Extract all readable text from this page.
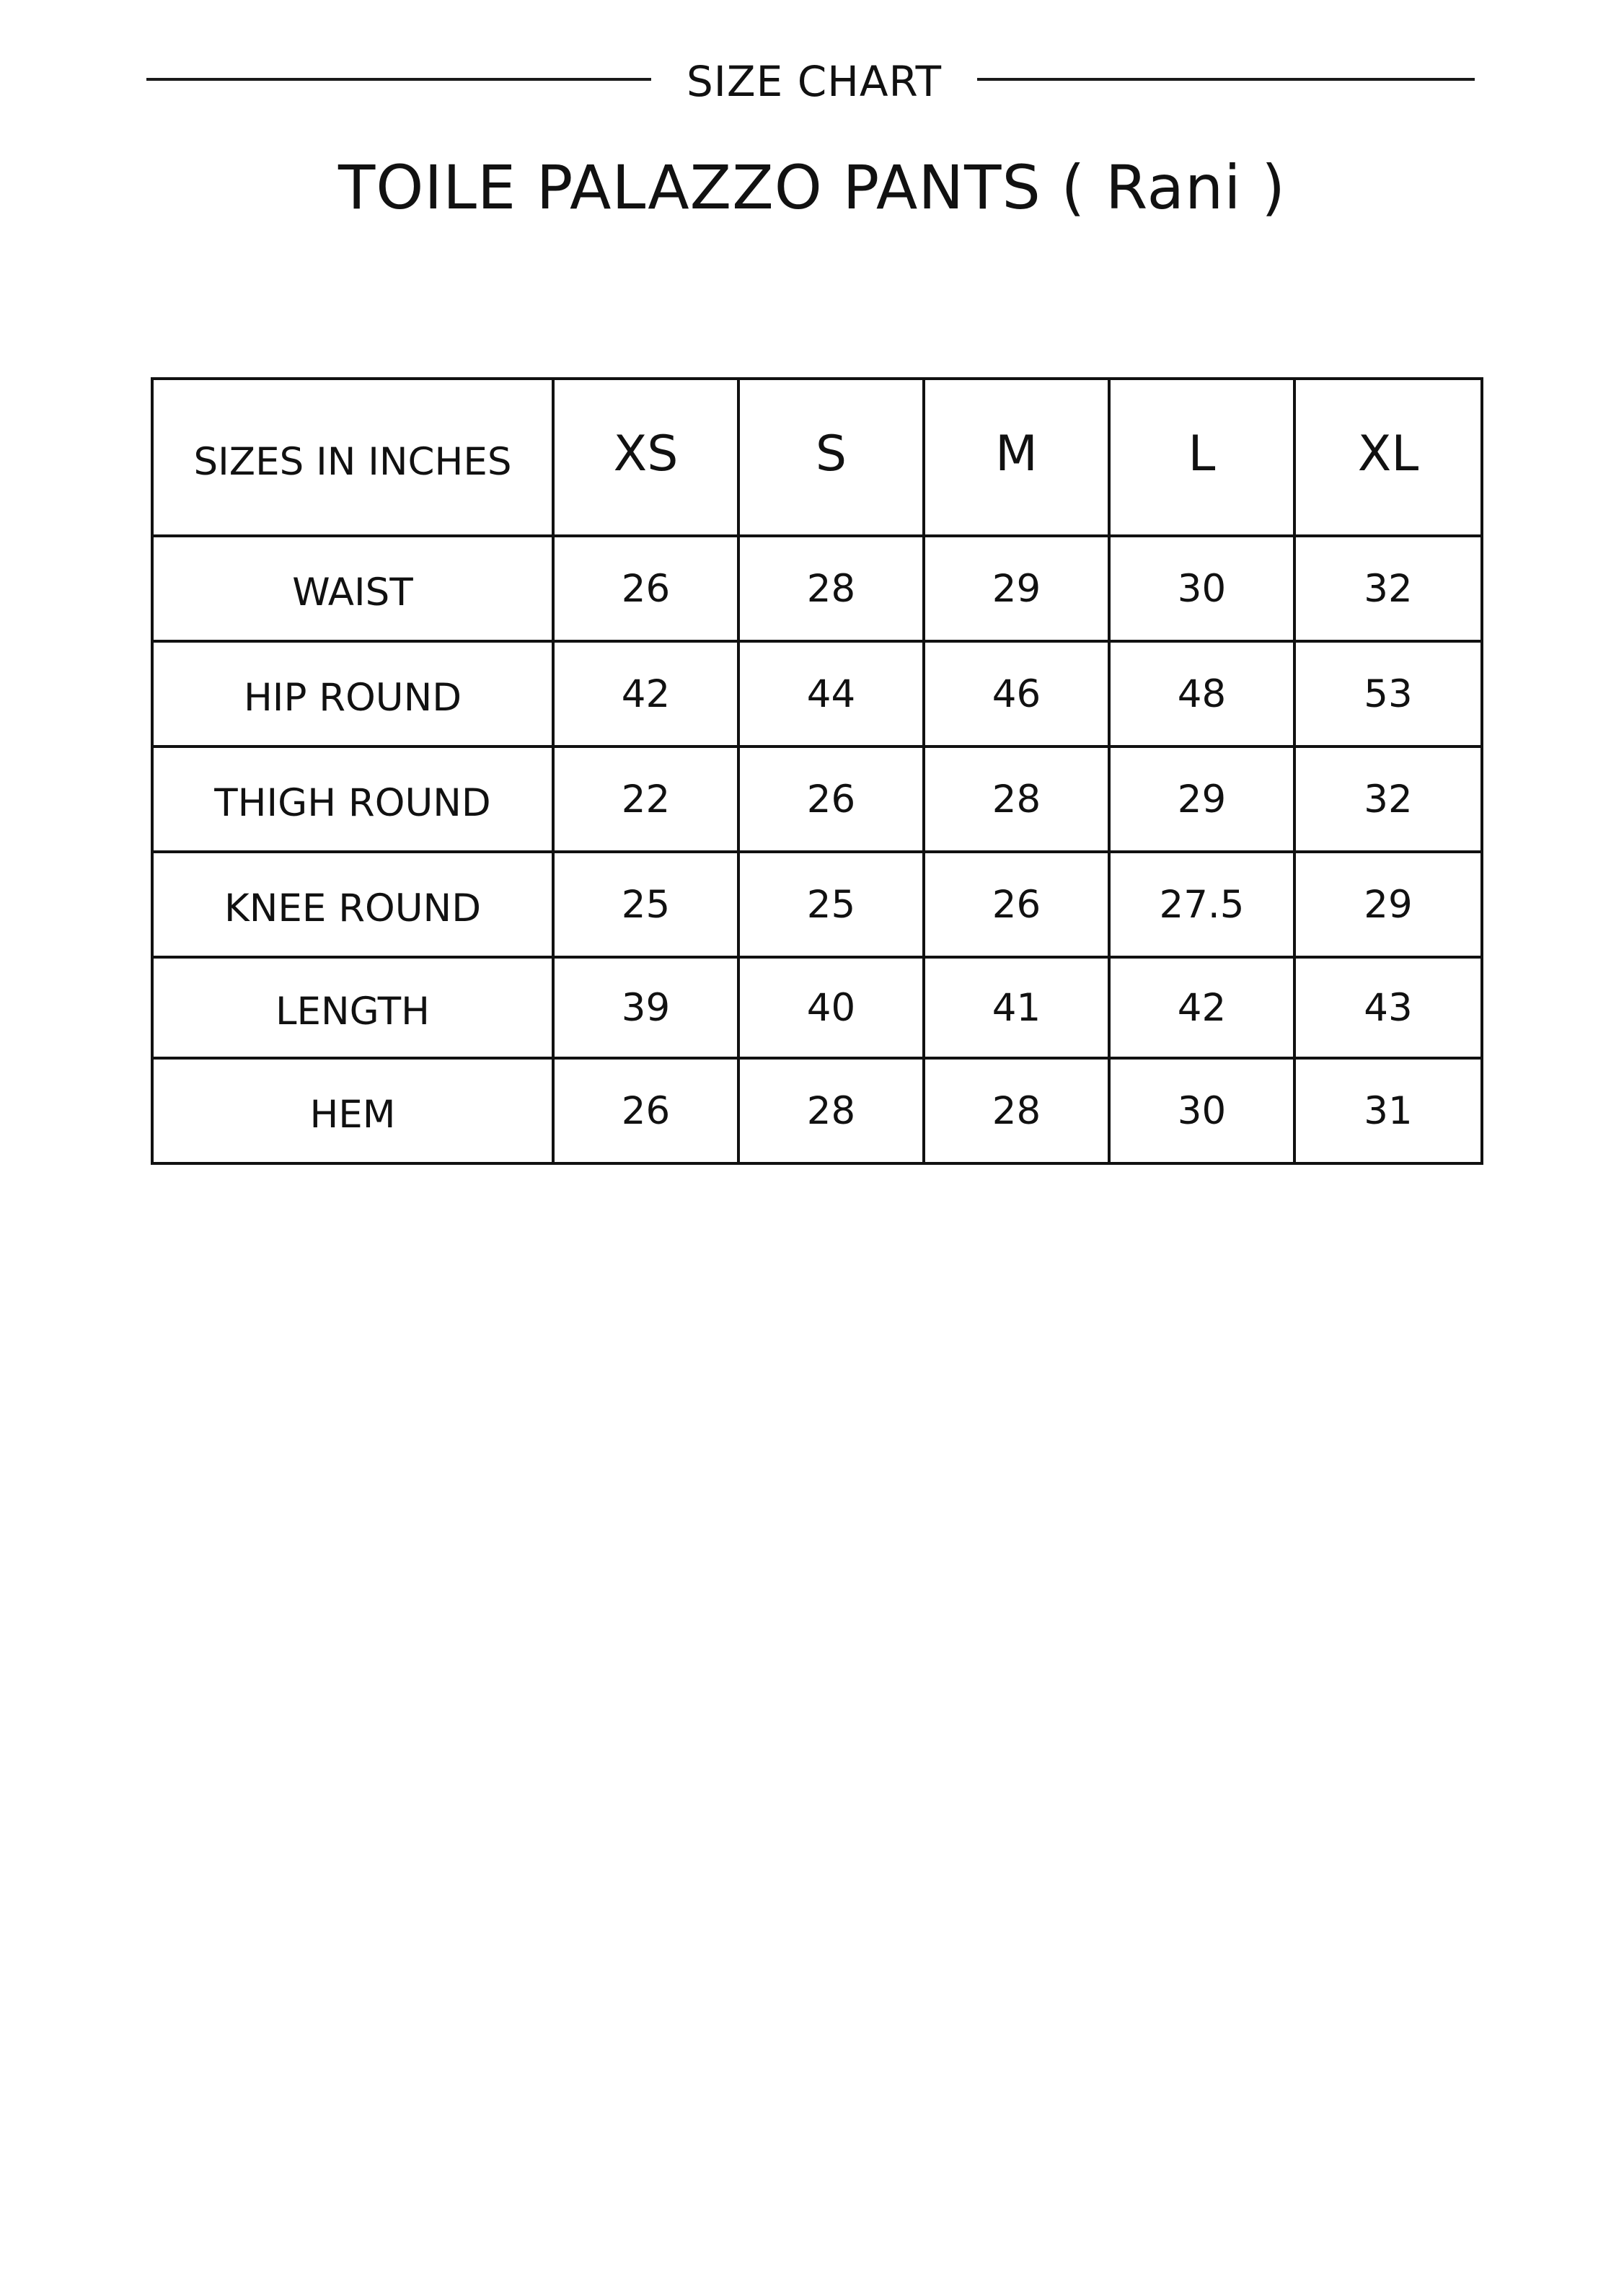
SIZE CHART
TOILE PALAZZO PANTS ( Rani )
SIZES IN INCHES	XS	S	M	L	XL
WAIST	26	28	29	30	32
HIP ROUND	42	44	46	48	53
THIGH ROUND	22	26	28	29	32
KNEE ROUND	25	25	26	27.5	29
LENGTH	39	40	41	42	43
HEM	26	28	28	30	31
